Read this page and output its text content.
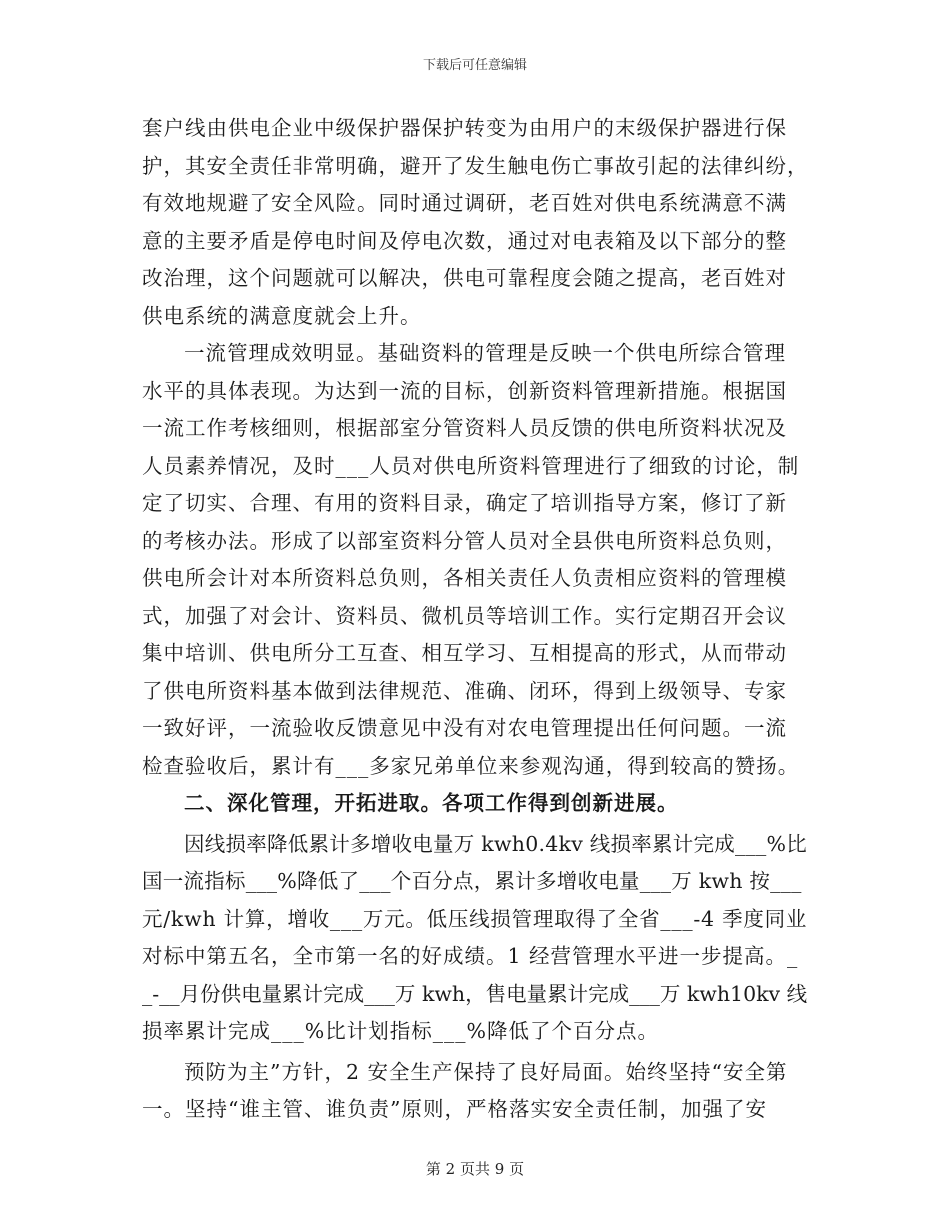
下载后可任意编辑

套户线由供电企业中级保护器保护转变为由用户的末级保护器进行保
护，其安全责任非常明确，避开了发生触电伤亡事故引起的法律纠纷，
有效地规避了安全风险。同时通过调研，老百姓对供电系统满意不满
意的主要矛盾是停电时间及停电次数，通过对电表箱及以下部分的整
改治理，这个问题就可以解决，供电可靠程度会随之提高，老百姓对
供电系统的满意度就会上升。

一流管理成效明显。基础资料的管理是反映一个供电所综合管理
水平的具体表现。为达到一流的目标，创新资料管理新措施。根据国
一流工作考核细则，根据部室分管资料人员反馈的供电所资料状况及
人员素养情况，及时___人员对供电所资料管理进行了细致的讨论，制
定了切实、合理、有用的资料目录，确定了培训指导方案，修订了新
的考核办法。形成了以部室资料分管人员对全县供电所资料总负则，
供电所会计对本所资料总负则，各相关责任人负责相应资料的管理模
式，加强了对会计、资料员、微机员等培训工作。实行定期召开会议
集中培训、供电所分工互查、相互学习、互相提高的形式，从而带动
了供电所资料基本做到法律规范、准确、闭环，得到上级领导、专家
一致好评，一流验收反馈意见中没有对农电管理提出任何问题。一流
检查验收后，累计有___多家兄弟单位来参观沟通，得到较高的赞扬。

二、深化管理，开拓进取。各项工作得到创新进展。

因线损率降低累计多增收电量万 kwh0.4kv 线损率累计完成___%比
国一流指标___%降低了___个百分点，累计多增收电量___万 kwh 按___
元/kwh 计算，增收___万元。低压线损管理取得了全省___-4 季度同业
对标中第五名，全市第一名的好成绩。1 经营管理水平进一步提高。_
_-__月份供电量累计完成___万 kwh，售电量累计完成___万 kwh10kv 线
损率累计完成___%比计划指标___%降低了个百分点。

预防为主”方针，2 安全生产保持了良好局面。始终坚持“安全第
一。坚持“谁主管、谁负责”原则，严格落实安全责任制，加强了安

第 2 页共 9 页
